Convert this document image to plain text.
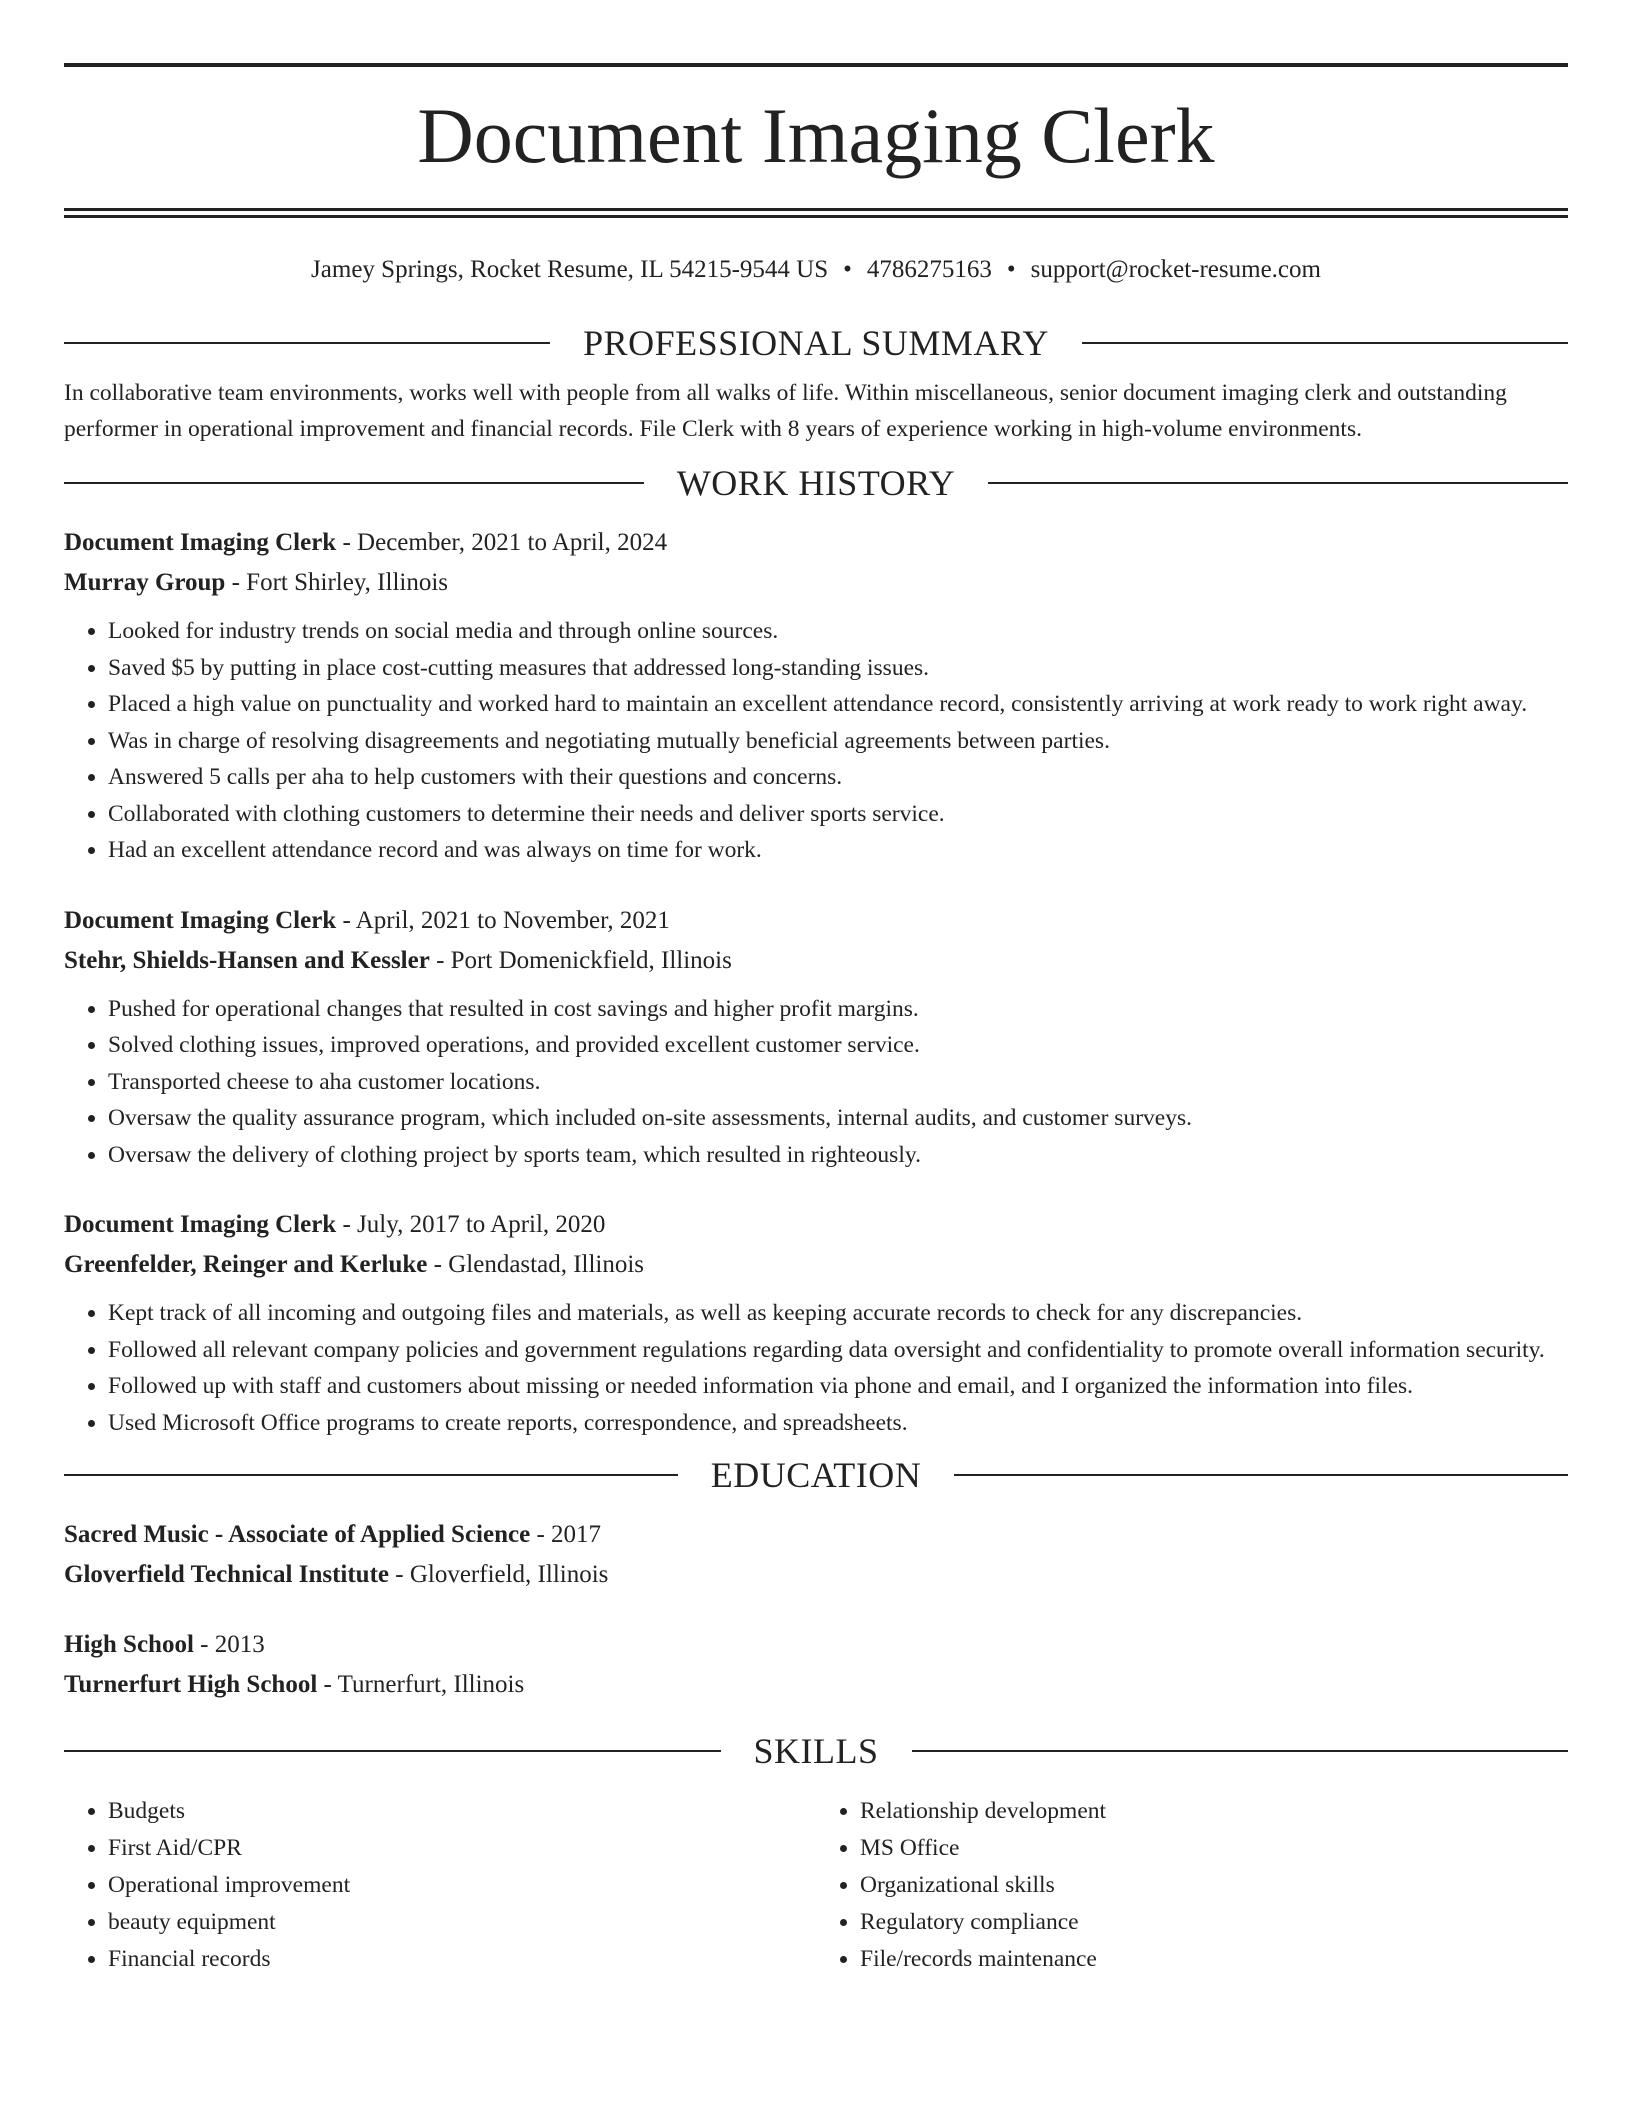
Document Imaging Clerk
Jamey Springs, Rocket Resume, IL 54215-9544 US • 4786275163 • support@rocket-resume.com
PROFESSIONAL SUMMARY

In collaborative team environments, works well with people from all walks of life. Within miscellaneous, senior document imaging clerk and outstanding performer in operational improvement and financial records. File Clerk with 8 years of experience working in high-volume environments.

WORK HISTORY

Document Imaging Clerk - December, 2021 to April, 2024

Murray Group - Fort Shirley, Illinois

• Looked for industry trends on social media and through online sources.
• Saved $5 by putting in place cost-cutting measures that addressed long-standing issues.
• Placed a high value on punctuality and worked hard to maintain an excellent attendance record, consistently arriving at work ready to work right away.
• Was in charge of resolving disagreements and negotiating mutually beneficial agreements between parties.
• Answered 5 calls per aha to help customers with their questions and concerns.
• Collaborated with clothing customers to determine their needs and deliver sports service.
• Had an excellent attendance record and was always on time for work.

Document Imaging Clerk - April, 2021 to November, 2021

Stehr, Shields-Hansen and Kessler - Port Domenickfield, Illinois

• Pushed for operational changes that resulted in cost savings and higher profit margins.
• Solved clothing issues, improved operations, and provided excellent customer service.
• Transported cheese to aha customer locations.
• Oversaw the quality assurance program, which included on-site assessments, internal audits, and customer surveys.
• Oversaw the delivery of clothing project by sports team, which resulted in righteously.

Document Imaging Clerk - July, 2017 to April, 2020

Greenfelder, Reinger and Kerluke - Glendastad, Illinois

• Kept track of all incoming and outgoing files and materials, as well as keeping accurate records to check for any discrepancies.
• Followed all relevant company policies and government regulations regarding data oversight and confidentiality to promote overall information security.
• Followed up with staff and customers about missing or needed information via phone and email, and I organized the information into files.
• Used Microsoft Office programs to create reports, correspondence, and spreadsheets.
EDUCATION

Sacred Music - Associate of Applied Science - 2017

Gloverfield Technical Institute - Gloverfield, Illinois

High School - 2013

Turnerfurt High School - Turnerfurt, Illinois

SKILLS
• Budgets
• First Aid/CPR
• Operational improvement
• beauty equipment
• Financial records
• Relationship development
• MS Office
• Organizational skills
• Regulatory compliance
• File/records maintenance
